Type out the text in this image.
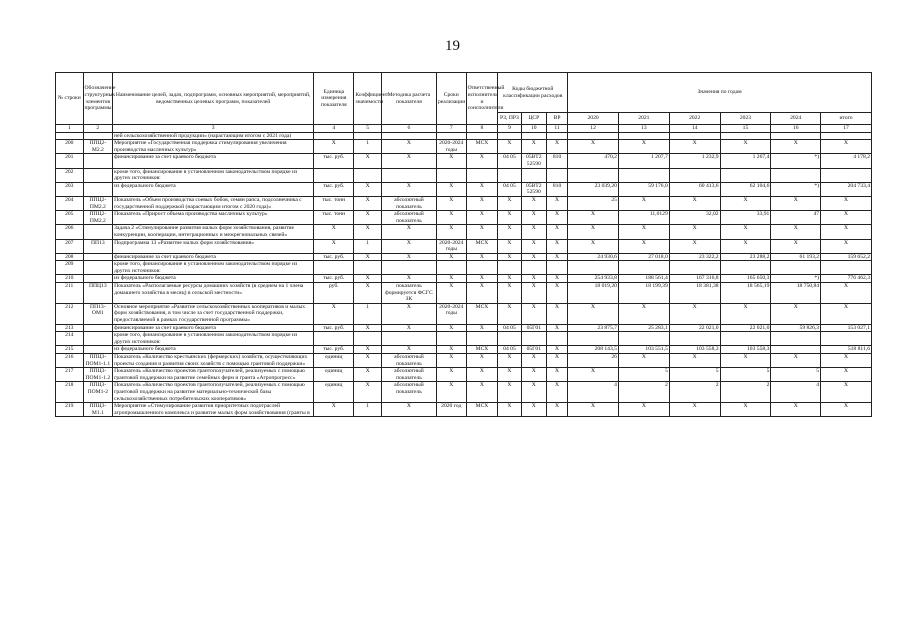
19
№ строки	Обозначение структурных элементов программы	Наименование целей, задач, подпрограмм, основных мероприятий, мероприятий, ведомственных целевых программ, показателей	Единица измерения показателя	Коэффициент значимости	Методика расчета показателя	Сроки реализации	Ответственный исполнитель и соисполнители	Коды бюджетной классификации расходов			Значения по годам					
								РЗ, ПРЗ	ЦСР	ВР	2020	2021	2022	2023	2024	итого
1	2	3	4	5	6	7	8	9	10	11	12	13	14	15	16	17
		ней сельскохозяйственной продукции» (нарастающим итогом с 2021 года)														
200	ППЦ2-М2.2	Мероприятие «Государственная поддержка стимулирования увеличения производства масличных культур»	X	1	X	2020-2024 годы	МСХ	X	X	X	X	X	X	X	X	X
201		финансирование за счет краевого бюджета	тыс. руб.	X	X	X	X	04 05	05ВТ2 52590	810	470,2	1 207,7	1 232,9	1 267,4	*)	4 178,2
202		кроме того, финансирование в установленном законодательством порядке из других источников:														
203		из федерального бюджета	тыс. руб.	X	X	X	X	04 05	05ВТ2 52590	810	23 039,20	59 176,0	60 413,6	62 104,6	*)	204 733,4
204	ППЦ2-ПМ2.2	Показатель «Объем производства соевых бобов, семян рапса, подсолнечника с государственной поддержкой (нарастающим итогом с 2020 года)»	тыс. тонн	X	абсолютный показатель	X	X	X	X	X	25	X	X	X	X	X
205	ППЦ2-ПМ2.2	Показатель «Прирост объема производства масличных культур»	тыс. тонн	X	абсолютный показатель	X	X	X	X	X	X	11,0129	32,02	33,91	47	X
206		Задача 2 «Стимулирование развития малых форм хозяйствования, развитие конкуренции, кооперации, интеграционных и межрегиональных связей»	X	X	X	X	X	X	X	X	X	X	X	X	X	X
207	ПП13	Подпрограмма 13 «Развитие малых форм хозяйствования»	X	1	X	2020-2024 годы	МСХ	X	X	X	X	X	X	X	X	X
208		финансирование за счет краевого бюджета	тыс. руб.	X	X	X	X	X	X	X	24 930,6	27 018,0	23 322,2	23 288,2	61 193,2	159 652,2
209		кроме того, финансирование в установленном законодательством порядке из других источников:														
210		из федерального бюджета	тыс. руб.	X	X	X	X	X	X	X	254 933,8	188 561,4	167 316,8	165 650,3	*)	776 462,3
211	ППЦ13	Показатель «Располагаемые ресурсы домашних хозяйств (в среднем на 1 члена домашнего хозяйства в месяц) в сельской местности»	руб.	X	показатель формируется ФСГС ЗК	X	X	X	X	X	18 019,20	18 199,39	18 381,38	18 565,19	18 750,84	X
212	ПП13-ОМ1	Основное мероприятие «Развитие сельскохозяйственных кооперативов и малых форм хозяйствования, в том числе за счет государственной поддержки, предоставляемой в рамках государственной программы»	X	1	X	2020-2024 годы	МСХ	X	X	X	X	X	X	X	X	X
213		финансирование за счет краевого бюджета	тыс. руб.	X	X	X	X	04 05	05Г01	X	23 875,7	25 283,1	22 021,0	22 021,0	59 826,3	153 027,1
214		кроме того, финансирование в установленном законодательством порядке из других источников:														
215		из федерального бюджета	тыс. руб.	X	X	X	МСХ	04 05	05Г01	X	208 143,5	103 551,5	103 558,3	103 558,3		518 811,6
216	ППЦ3-ПОМ1-1.1	Показатель «Количество крестьянских (фермерских) хозяйств, осуществляющих проекты создания и развития своих хозяйств с помощью грантовой поддержки»	единиц	X	абсолютный показатель	X	X	X	X	X	26	X	X	X	X	X
217	ППЦ3-ПОМ1-1.2	Показатель «Количество проектов грантополучателей, реализуемых с помощью грантовой поддержки на развитие семейных ферм и гранта «Агропрогресс»	единиц	X	абсолютный показатель	X	X	X	X	X	X	5	5	5	5	X
218	ППЦ3-ПОМ1-2	Показатель «Количество проектов грантополучателей, реализуемых с помощью грантовой поддержки на развитие материально-технической базы сельскохозяйственных потребительских кооперативов»	единиц	X	абсолютный показатель	X	X	X	X	X	4	2	2	2	4	X
219	ППЦ3-М1.1	Мероприятие «Стимулирование развития приоритетных подотраслей агропромышленного комплекса и развитие малых форм хозяйствования (гранты в	X	1	X	2020 год	МСХ	X	X	X	X	X	X	X	X	X
